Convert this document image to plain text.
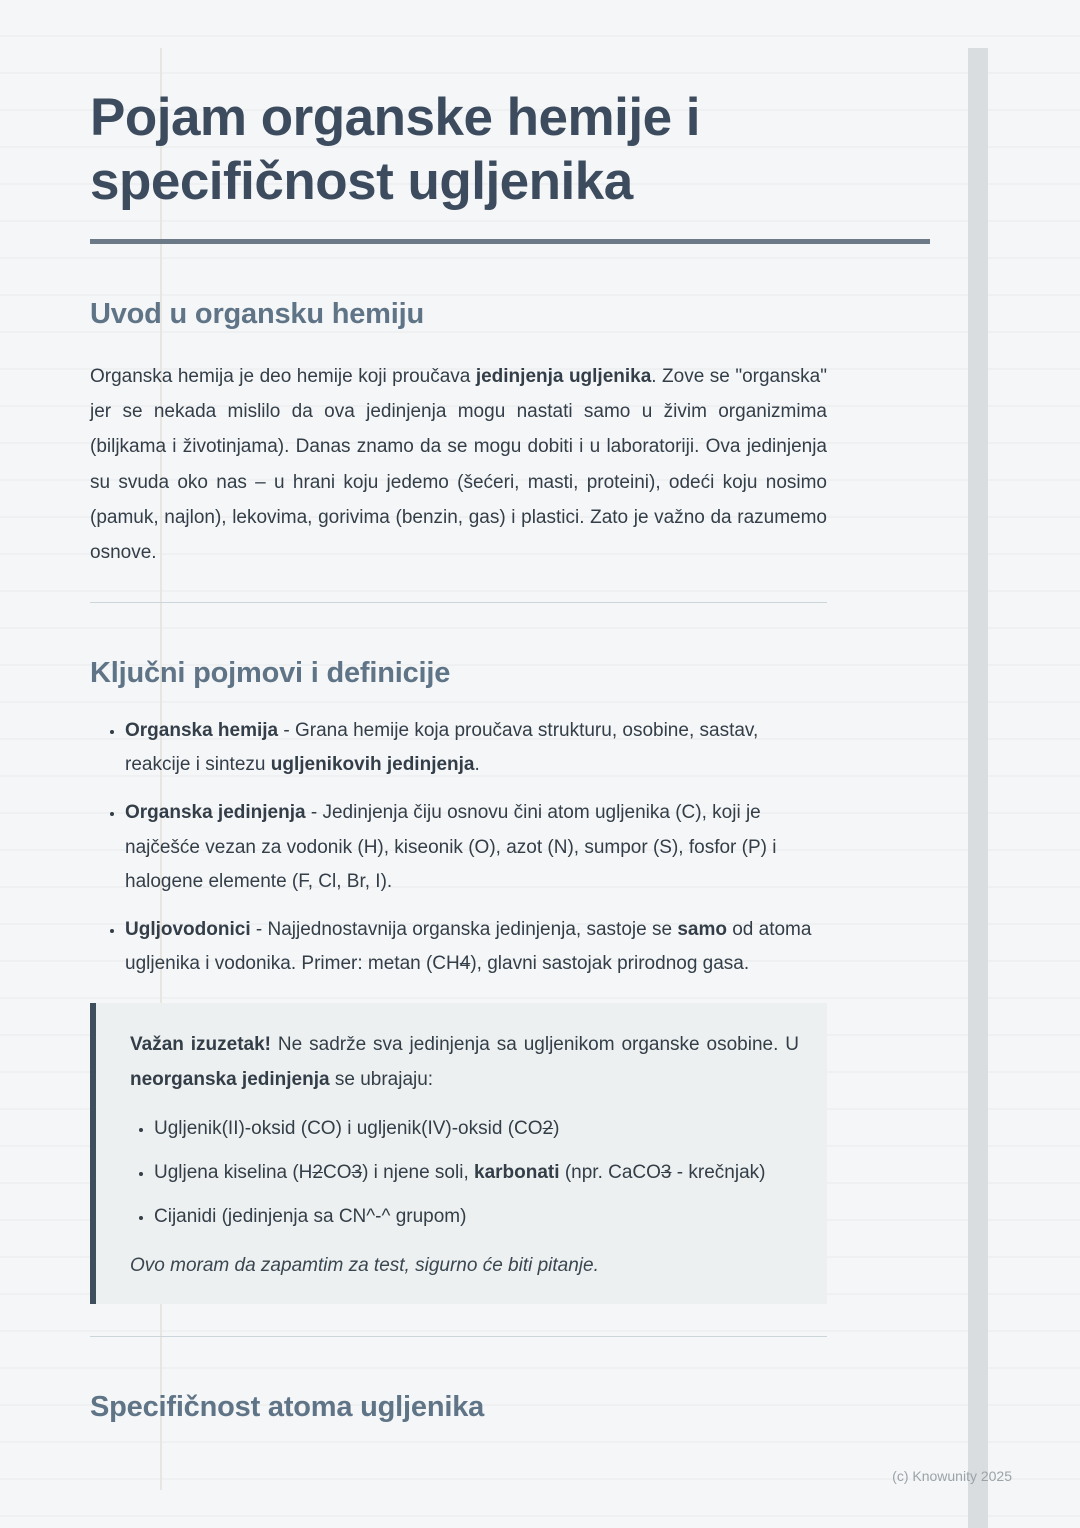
Pojam organske hemije i
specifičnost ugljenika
Uvod u organsku hemiju

Organska hemija je deo hemije koji proučava jedinjenja ugljenika. Zove se "organska" jer se nekada mislilo da ova jedinjenja mogu nastati samo u živim organizmima (biljkama i životinjama). Danas znamo da se mogu dobiti i u laboratoriji. Ova jedinjenja su svuda oko nas – u hrani koju jedemo (šećeri, masti, proteini), odeći koju nosimo (pamuk, najlon), lekovima, gorivima (benzin, gas) i plastici. Zato je važno da razumemo osnove.

Ključni pojmovi i definicije
• Organska hemija - Grana hemije koja proučava strukturu, osobine, sastav, reakcije i sintezu ugljenikovih jedinjenja.
• Organska jedinjenja - Jedinjenja čiju osnovu čini atom ugljenika (C), koji je najčešće vezan za vodonik (H), kiseonik (O), azot (N), sumpor (S), fosfor (P) i halogene elemente (F, Cl, Br, I).
• Ugljovodonici - Najjednostavnija organska jedinjenja, sastoje se samo od atoma ugljenika i vodonika. Primer: metan (CH4), glavni sastojak prirodnog gasa.

Važan izuzetak! Ne sadrže sva jedinjenja sa ugljenikom organske osobine. U neorganska jedinjenja se ubrajaju:

• Ugljenik(II)-oksid (CO) i ugljenik(IV)-oksid (CO2)
• Ugljena kiselina (H2CO3) i njene soli, karbonati (npr. CaCO3 - krečnjak)
• Cijanidi (jedinjenja sa CN^-^ grupom)

Ovo moram da zapamtim za test, sigurno će biti pitanje.

Specifičnost atoma ugljenika
(c) Knowunity 2025
